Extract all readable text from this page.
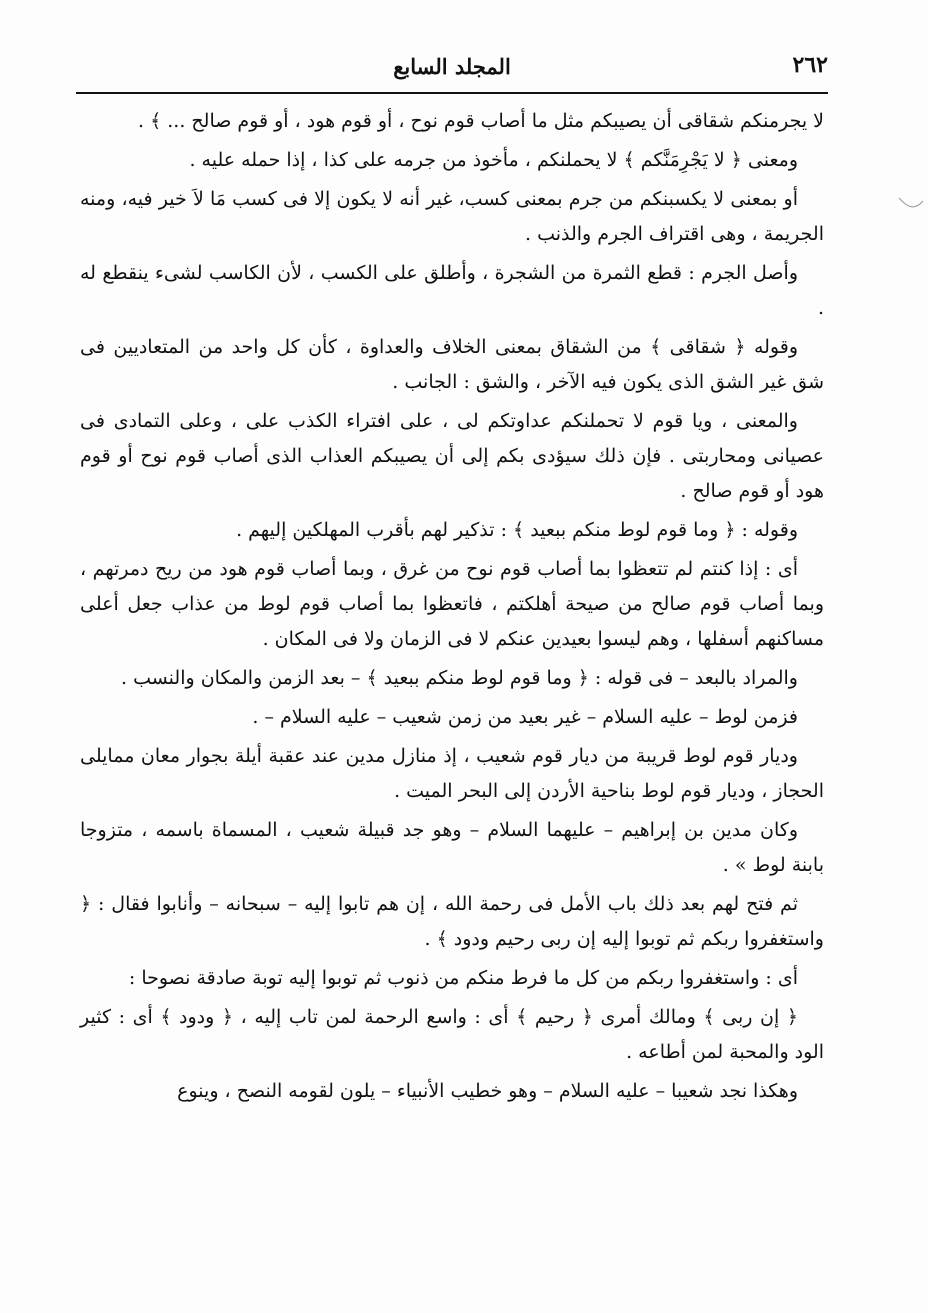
٢٦٢
المجلد السابع

لا يجرمنكم شقاقى أن يصيبكم مثل ما أصاب قوم نوح ، أو قوم هود ، أو قوم صالح ... ﴾ .

ومعنى ﴿ لا يَجْرِمَنَّكم ﴾ لا يحملنكم ، مأخوذ من جرمه على كذا ، إذا حمله عليه .

أو بمعنى لا يكسبنكم من جرم بمعنى كسب، غير أنه لا يكون إلا فى كسب مَا لاَ خير فيه، ومنه الجريمة ، وهى اقتراف الجرم والذنب .

وأصل الجرم : قطع الثمرة من الشجرة ، وأطلق على الكسب ، لأن الكاسب لشىء ينقطع له .

وقوله ﴿ شقاقى ﴾ من الشقاق بمعنى الخلاف والعداوة ، كأن كل واحد من المتعاديين فى شق غير الشق الذى يكون فيه الآخر ، والشق : الجانب .

والمعنى ، ويا قوم لا تحملنكم عداوتكم لى ، على افتراء الكذب على ، وعلى التمادى فى عصيانى ومحاربتى . فإن ذلك سيؤدى بكم إلى أن يصيبكم العذاب الذى أصاب قوم نوح أو قوم هود أو قوم صالح .

وقوله : ﴿ وما قوم لوط منكم ببعيد ﴾ : تذكير لهم بأقرب المهلكين إليهم .

أى : إذا كنتم لم تتعظوا بما أصاب قوم نوح من غرق ، وبما أصاب قوم هود من ريح دمرتهم ، وبما أصاب قوم صالح من صيحة أهلكتم ، فاتعظوا بما أصاب قوم لوط من عذاب جعل أعلى مساكنهم أسفلها ، وهم ليسوا بعيدين عنكم لا فى الزمان ولا فى المكان .

والمراد بالبعد – فى قوله : ﴿ وما قوم لوط منكم ببعيد ﴾ – بعد الزمن والمكان والنسب .

فزمن لوط – عليه السلام – غير بعيد من زمن شعيب – عليه السلام – .

وديار قوم لوط قريبة من ديار قوم شعيب ، إذ منازل مدين عند عقبة أيلة بجوار معان ممايلى الحجاز ، وديار قوم لوط بناحية الأردن إلى البحر الميت .

وكان مدين بن إبراهيم – عليهما السلام – وهو جد قبيلة شعيب ، المسماة باسمه ، متزوجا بابنة لوط » .

ثم فتح لهم بعد ذلك باب الأمل فى رحمة الله ، إن هم تابوا إليه – سبحانه – وأنابوا فقال : ﴿ واستغفروا ربكم ثم توبوا إليه إن ربى رحيم ودود ﴾ .

أى : واستغفروا ربكم من كل ما فرط منكم من ذنوب ثم توبوا إليه توبة صادقة نصوحا :

﴿ إن ربى ﴾ ومالك أمرى ﴿ رحيم ﴾ أى : واسع الرحمة لمن تاب إليه ، ﴿ ودود ﴾ أى : كثير الود والمحبة لمن أطاعه .

وهكذا نجد شعيبا – عليه السلام – وهو خطيب الأنبياء – يلون لقومه النصح ، وينوع
